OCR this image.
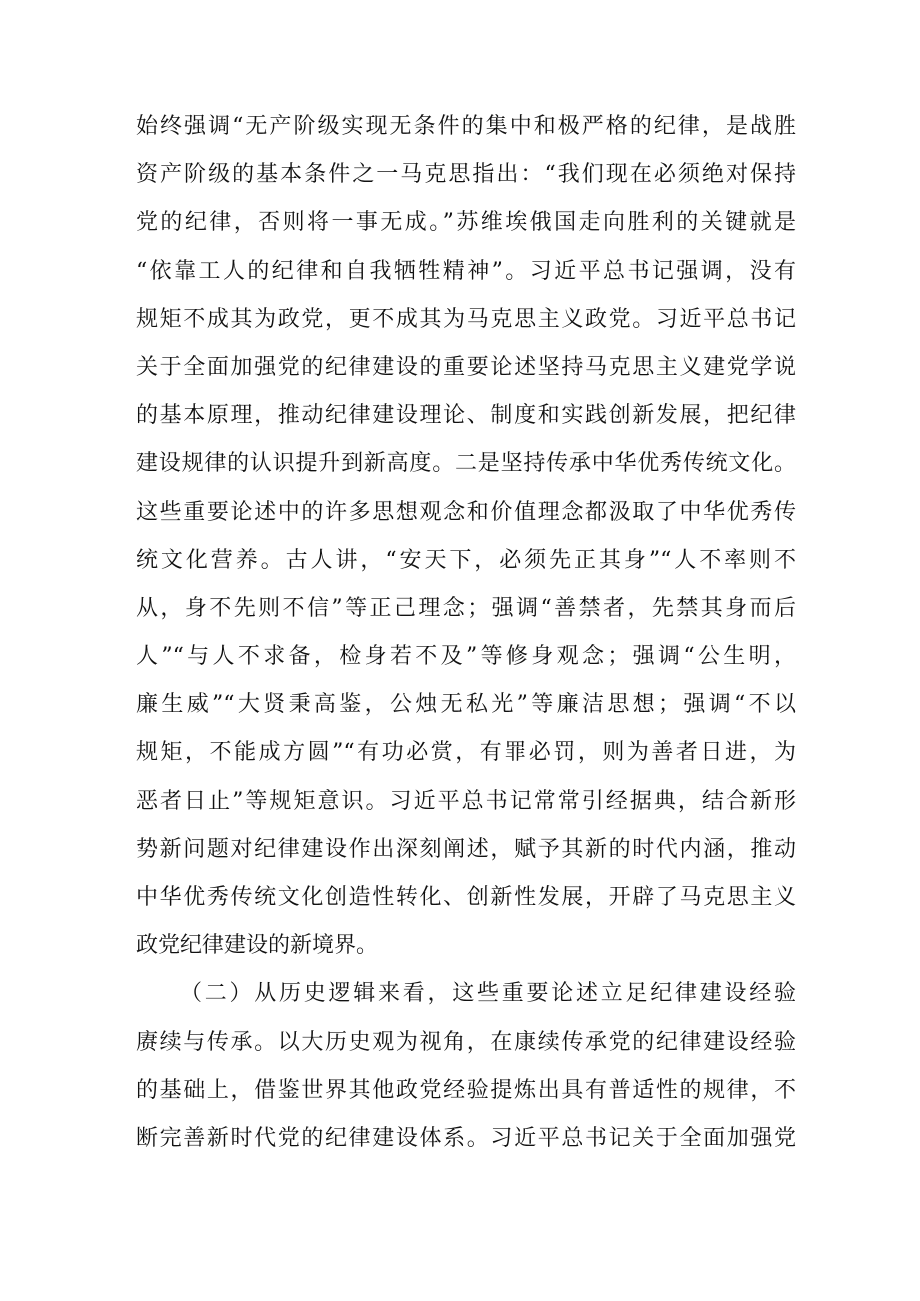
始终强调“无产阶级实现无条件的集中和极严格的纪律，是战胜
资产阶级的基本条件之一马克思指出：“我们现在必须绝对保持
党的纪律，否则将一事无成。”苏维埃俄国走向胜利的关键就是
“依靠工人的纪律和自我牺牲精神”。习近平总书记强调，没有
规矩不成其为政党，更不成其为马克思主义政党。习近平总书记
关于全面加强党的纪律建设的重要论述坚持马克思主义建党学说
的基本原理，推动纪律建设理论、制度和实践创新发展，把纪律
建设规律的认识提升到新高度。二是坚持传承中华优秀传统文化。
这些重要论述中的许多思想观念和价值理念都汲取了中华优秀传
统文化营养。古人讲，“安天下，必须先正其身”“人不率则不
从，身不先则不信”等正己理念；强调“善禁者，先禁其身而后
人”“与人不求备，检身若不及”等修身观念；强调“公生明，
廉生威”“大贤秉高鉴，公烛无私光”等廉洁思想；强调“不以
规矩，不能成方圆”“有功必赏，有罪必罚，则为善者日进，为
恶者日止”等规矩意识。习近平总书记常常引经据典，结合新形
势新问题对纪律建设作出深刻阐述，赋予其新的时代内涵，推动
中华优秀传统文化创造性转化、创新性发展，开辟了马克思主义
政党纪律建设的新境界。
（二）从历史逻辑来看，这些重要论述立足纪律建设经验
赓续与传承。以大历史观为视角，在康续传承党的纪律建设经验
的基础上，借鉴世界其他政党经验提炼出具有普适性的规律，不
断完善新时代党的纪律建设体系。习近平总书记关于全面加强党
